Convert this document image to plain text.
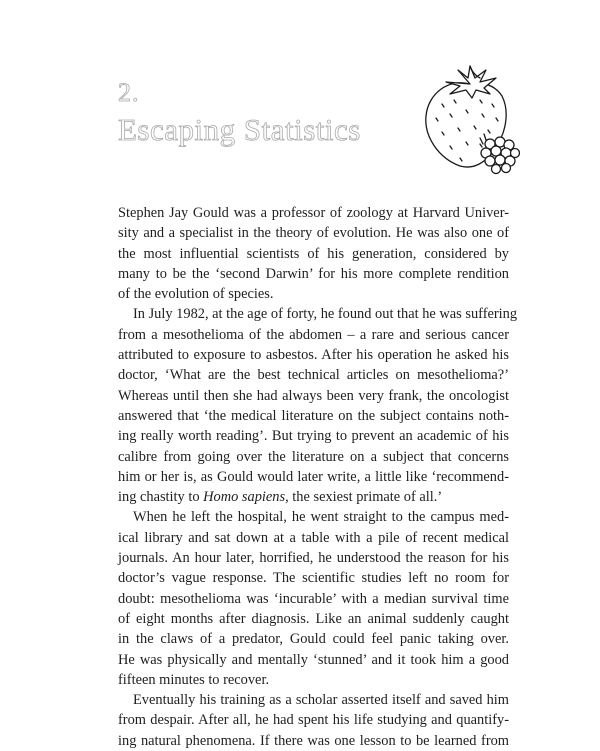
2.
Escaping Statistics

Stephen Jay Gould was a professor of zoology at Harvard Univer-
sity and a specialist in the theory of evolution. He was also one of
the most influential scientists of his generation, considered by
many to be the ‘second Darwin’ for his more complete rendition
of the evolution of species.

In July 1982, at the age of forty, he found out that he was suffering
from a mesothelioma of the abdomen – a rare and serious cancer
attributed to exposure to asbestos. After his operation he asked his
doctor, ‘What are the best technical articles on mesothelioma?’
Whereas until then she had always been very frank, the oncologist
answered that ‘the medical literature on the subject contains noth-
ing really worth reading’. But trying to prevent an academic of his
calibre from going over the literature on a subject that concerns
him or her is, as Gould would later write, a little like ‘recommend-
ing chastity to Homo sapiens, the sexiest primate of all.’

When he left the hospital, he went straight to the campus med-
ical library and sat down at a table with a pile of recent medical
journals. An hour later, horrified, he understood the reason for his
doctor’s vague response. The scientific studies left no room for
doubt: mesothelioma was ‘incurable’ with a median survival time
of eight months after diagnosis. Like an animal suddenly caught
in the claws of a predator, Gould could feel panic taking over.
He was physically and mentally ‘stunned’ and it took him a good
fifteen minutes to recover.

Eventually his training as a scholar asserted itself and saved him
from despair. After all, he had spent his life studying and quantify-
ing natural phenomena. If there was one lesson to be learned from
